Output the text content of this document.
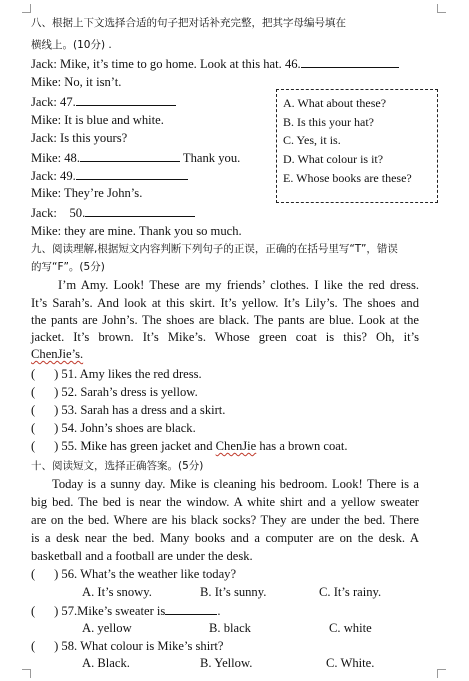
八、根据上下文选择合适的句子把对话补充完整，把其字母编号填在
横线上。(10分) .
Jack: Mike, it’s time to go home. Look at this hat. 46.
Mike: No, it isn’t.
Jack: 47.
Mike: It is blue and white.
Jack: Is this yours?
Mike: 48.	Thank you.
Jack: 49.
Mike: They’re John’s.
Jack:    50.
Mike: they are mine. Thank you so much.
A. What about these?
B. Is this your hat?
C. Yes, it is.
D. What colour is it?
E. Whose books are these?
九、阅读理解,根据短文内容判断下列句子的正误，正确的在括号里写“T”，错误
的写“F”。(5分)
I’m Amy. Look! These are my friends’ clothes. I like the red dress.
It’s Sarah’s. And look at this skirt. It’s yellow. It’s Lily’s. The shoes and
the pants are John’s. The shoes are black. The pants are blue. Look at the
jacket. It’s brown. It’s Mike’s. Whose green coat is this? Oh, it’s
ChenJie’s.
(      ) 51. Amy likes the red dress.
(      ) 52. Sarah’s dress is yellow.
(      ) 53. Sarah has a dress and a skirt.
(      ) 54. John’s shoes are black.
(      ) 55. Mike has green jacket and ChenJie has a brown coat.
十、阅读短文，选择正确答案。(5分)
Today is a sunny day. Mike is cleaning his bedroom. Look! There is a
big bed. The bed is near the window. A white shirt and a yellow sweater
are on the bed. Where are his black socks? They are under the bed. There
is a desk near the bed. Many books and a computer are on the desk. A
basketball and a football are under the desk.
(      ) 56. What’s the weather like today?
A. It’s snowy.	B. It’s sunny.	C. It’s rainy.
(      ) 57.Mike’s sweater is	.
A. yellow	B. black	C. white
(      ) 58. What colour is Mike’s shirt?
A. Black.	B. Yellow.	C. White.
